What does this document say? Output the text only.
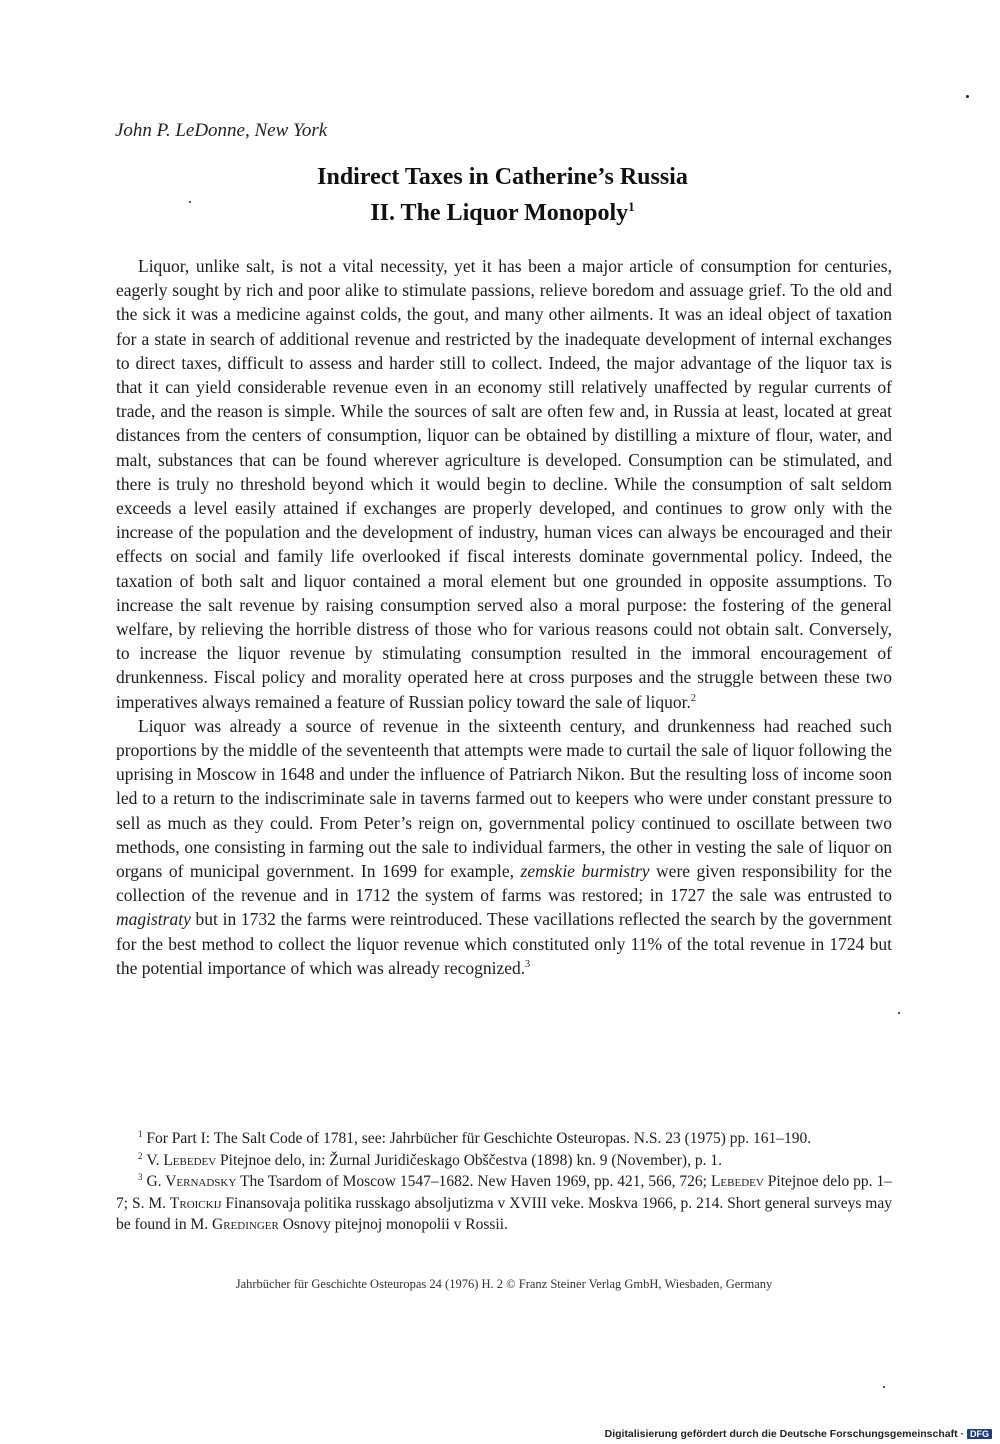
John P. LeDonne, New York
Indirect Taxes in Catherine’s Russia
II. The Liquor Monopoly$^1$

Liquor, unlike salt, is not a vital necessity, yet it has been a major article of consumption for centuries, eagerly sought by rich and poor alike to stimulate passions, relieve boredom and assuage grief. To the old and the sick it was a medicine against colds, the gout, and many other ailments. It was an ideal object of taxation for a state in search of additional revenue and restricted by the inadequate development of internal exchanges to direct taxes, difficult to assess and harder still to collect. Indeed, the major advantage of the liquor tax is that it can yield considerable revenue even in an economy still relatively unaffected by regular currents of trade, and the reason is simple. While the sources of salt are often few and, in Russia at least, located at great distances from the centers of consumption, liquor can be obtained by distilling a mixture of flour, water, and malt, substances that can be found wherever agriculture is developed. Consumption can be stimulated, and there is truly no threshold beyond which it would begin to decline. While the consumption of salt seldom exceeds a level easily attained if exchanges are properly developed, and continues to grow only with the increase of the population and the development of industry, human vices can always be encouraged and their effects on social and family life overlooked if fiscal interests dominate governmental policy. Indeed, the taxation of both salt and liquor contained a moral element but one grounded in opposite assumptions. To increase the salt revenue by raising consumption served also a moral purpose: the fostering of the general welfare, by relieving the horrible distress of those who for various reasons could not obtain salt. Conversely, to increase the liquor revenue by stimulating consumption resulted in the immoral encouragement of drunkenness. Fiscal policy and morality operated here at cross purposes and the struggle between these two imperatives always remained a feature of Russian policy toward the sale of liquor.$^2$

Liquor was already a source of revenue in the sixteenth century, and drunkenness had reached such proportions by the middle of the seventeenth that attempts were made to curtail the sale of liquor following the uprising in Moscow in 1648 and under the influence of Patriarch Nikon. But the resulting loss of income soon led to a return to the indiscriminate sale in taverns farmed out to keepers who were under constant pressure to sell as much as they could. From Peter’s reign on, governmental policy continued to oscillate between two methods, one consisting in farming out the sale to individual farmers, the other in vesting the sale of liquor on organs of municipal government. In 1699 for example, zemskie burmistry were given responsibility for the collection of the revenue and in 1712 the system of farms was restored; in 1727 the sale was entrusted to magistraty but in 1732 the farms were reintroduced. These vacillations reflected the search by the government for the best method to collect the liquor revenue which constituted only 11% of the total revenue in 1724 but the potential importance of which was already recognized.$^3$

$^1$ For Part I: The Salt Code of 1781, see: Jahrbücher für Geschichte Osteuropas. N.S. 23 (1975) pp. 161–190.

$^2$ V. Lebedev Pitejnoe delo, in: Žurnal Juridičeskago Obščestva (1898) kn. 9 (November), p. 1.

$^3$ G. Vernadsky The Tsardom of Moscow 1547–1682. New Haven 1969, pp. 421, 566, 726; Lebedev Pitejnoe delo pp. 1–7; S. M. Troickij Finansovaja politika russkago absoljutizma v XVIII veke. Moskva 1966, p. 214. Short general surveys may be found in M. Gredinger Osnovy pitejnoj monopolii v Rossii.

Jahrbücher für Geschichte Osteuropas 24 (1976) H. 2 © Franz Steiner Verlag GmbH, Wiesbaden, Germany
Digitalisierung gefördert durch die Deutsche Forschungsgemeinschaft · DFG
